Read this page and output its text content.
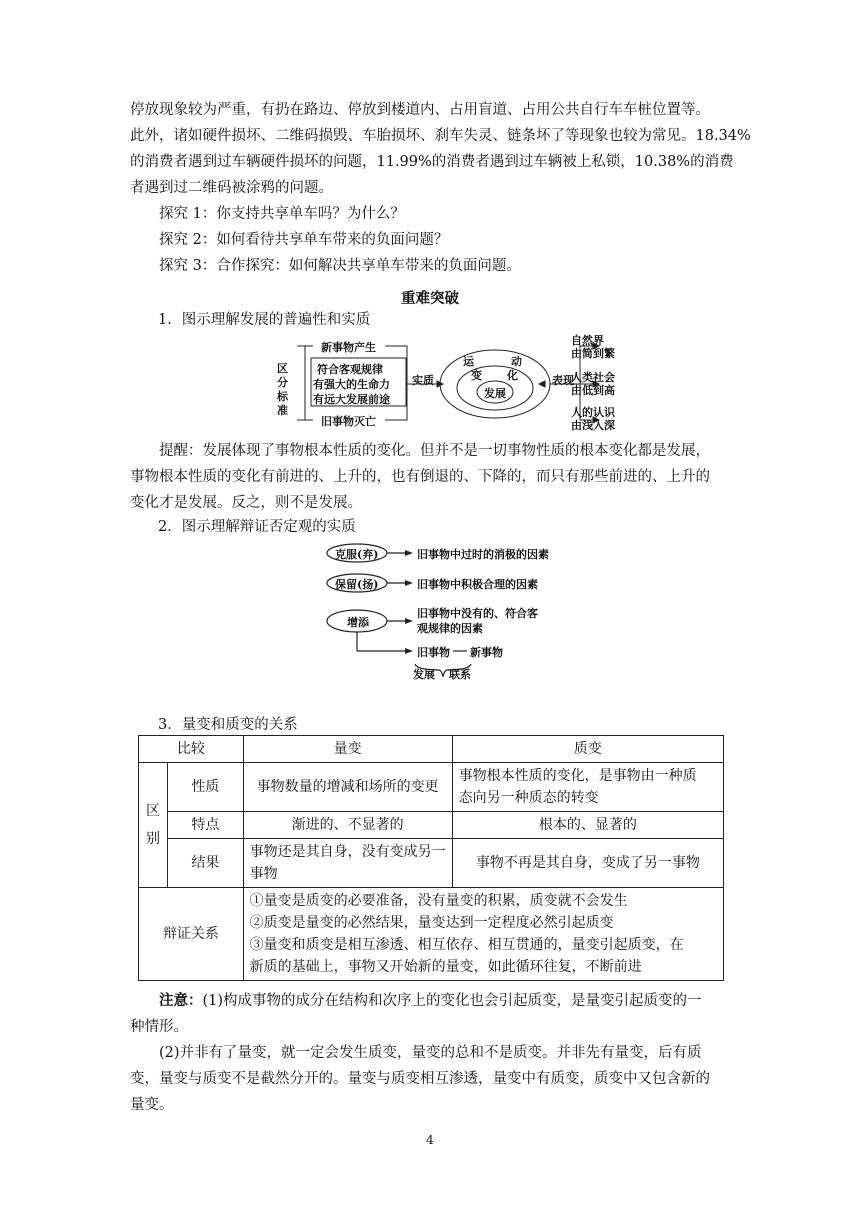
停放现象较为严重，有扔在路边、停放到楼道内、占用盲道、占用公共自行车车桩位置等。
此外，诸如硬件损坏、二维码损毁、车胎损坏、刹车失灵、链条坏了等现象也较为常见。18.34%
的消费者遇到过车辆硬件损坏的问题，11.99%的消费者遇到过车辆被上私锁，10.38%的消费
者遇到过二维码被涂鸦的问题。
探究 1：你支持共享单车吗？为什么？
探究 2：如何看待共享单车带来的负面问题？
探究 3：合作探究：如何解决共享单车带来的负面问题。
重难突破
1．图示理解发展的普遍性和实质
区
分
标
准
新事物产生
符合客观规律
有强大的生命力
有远大发展前途
旧事物灭亡
实质
运	动
变 化
发展
表现
自然界
由简到繁
人类社会
由低到高
人的认识
由浅入深
提醒：发展体现了事物根本性质的变化。但并不是一切事物性质的根本变化都是发展，
事物根本性质的变化有前进的、上升的，也有倒退的、下降的，而只有那些前进的、上升的
变化才是发展。反之，则不是发展。
2．图示理解辩证否定观的实质
克服(弃)	旧事物中过时的消极的因素
保留(扬)	旧事物中积极合理的因素
增添
旧事物中没有的、符合客
观规律的因素
旧事物 新事物
发展 联系
3．量变和质变的关系
比较		量变	质变

区别	性质	事物数量的增减和场所的变更	事物根本性质的变化，是事物由一种质
态向另一种质态的转变

	特点	渐进的、不显著的	根本的、显著的
	结果	事物还是其自身，没有变成另一事物	事物不再是其自身，变成了另一事物
辩证关系		①量变是质变的必要准备，没有量变的积累，质变就不会发生
②质变是量变的必然结果，量变达到一定程度必然引起质变
③量变和质变是相互渗透、相互依存、相互贯通的，量变引起质变，在
新质的基础上，事物又开始新的量变，如此循环往复，不断前进	
注意：(1)构成事物的成分在结构和次序上的变化也会引起质变，是量变引起质变的一
种情形。
(2)并非有了量变，就一定会发生质变，量变的总和不是质变。并非先有量变，后有质
变，量变与质变不是截然分开的。量变与质变相互渗透，量变中有质变，质变中又包含新的
量变。
4
